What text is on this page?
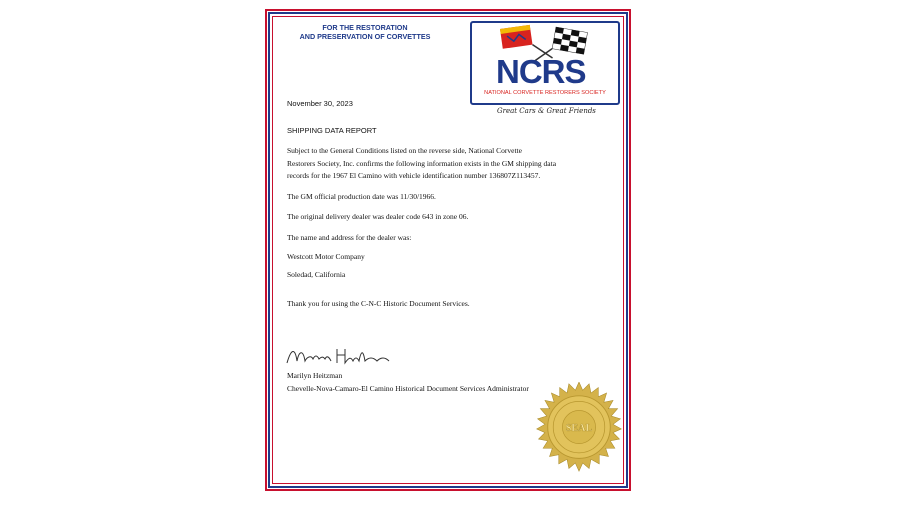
FOR THE RESTORATION
AND PRESERVATION OF CORVETTES
NCRS
NATIONAL CORVETTE RESTORERS SOCIETY
Great Cars & Great Friends
November 30, 2023
SHIPPING DATA REPORT
Subject to the General Conditions listed on the reverse side, National Corvette
Restorers Society, Inc. confirms the following information exists in the GM shipping data
records for the 1967 El Camino with vehicle identification number 136807Z113457.
The GM official production date was 11/30/1966.
The original delivery dealer was dealer code 643 in zone 06.
The name and address for the dealer was:
Westcott Motor Company
Soledad, California
Thank you for using the C-N-C Historic Document Services.
Marilyn Heitzman
Chevelle-Nova-Camaro-El Camino Historical Document Services Administrator
SEAL
